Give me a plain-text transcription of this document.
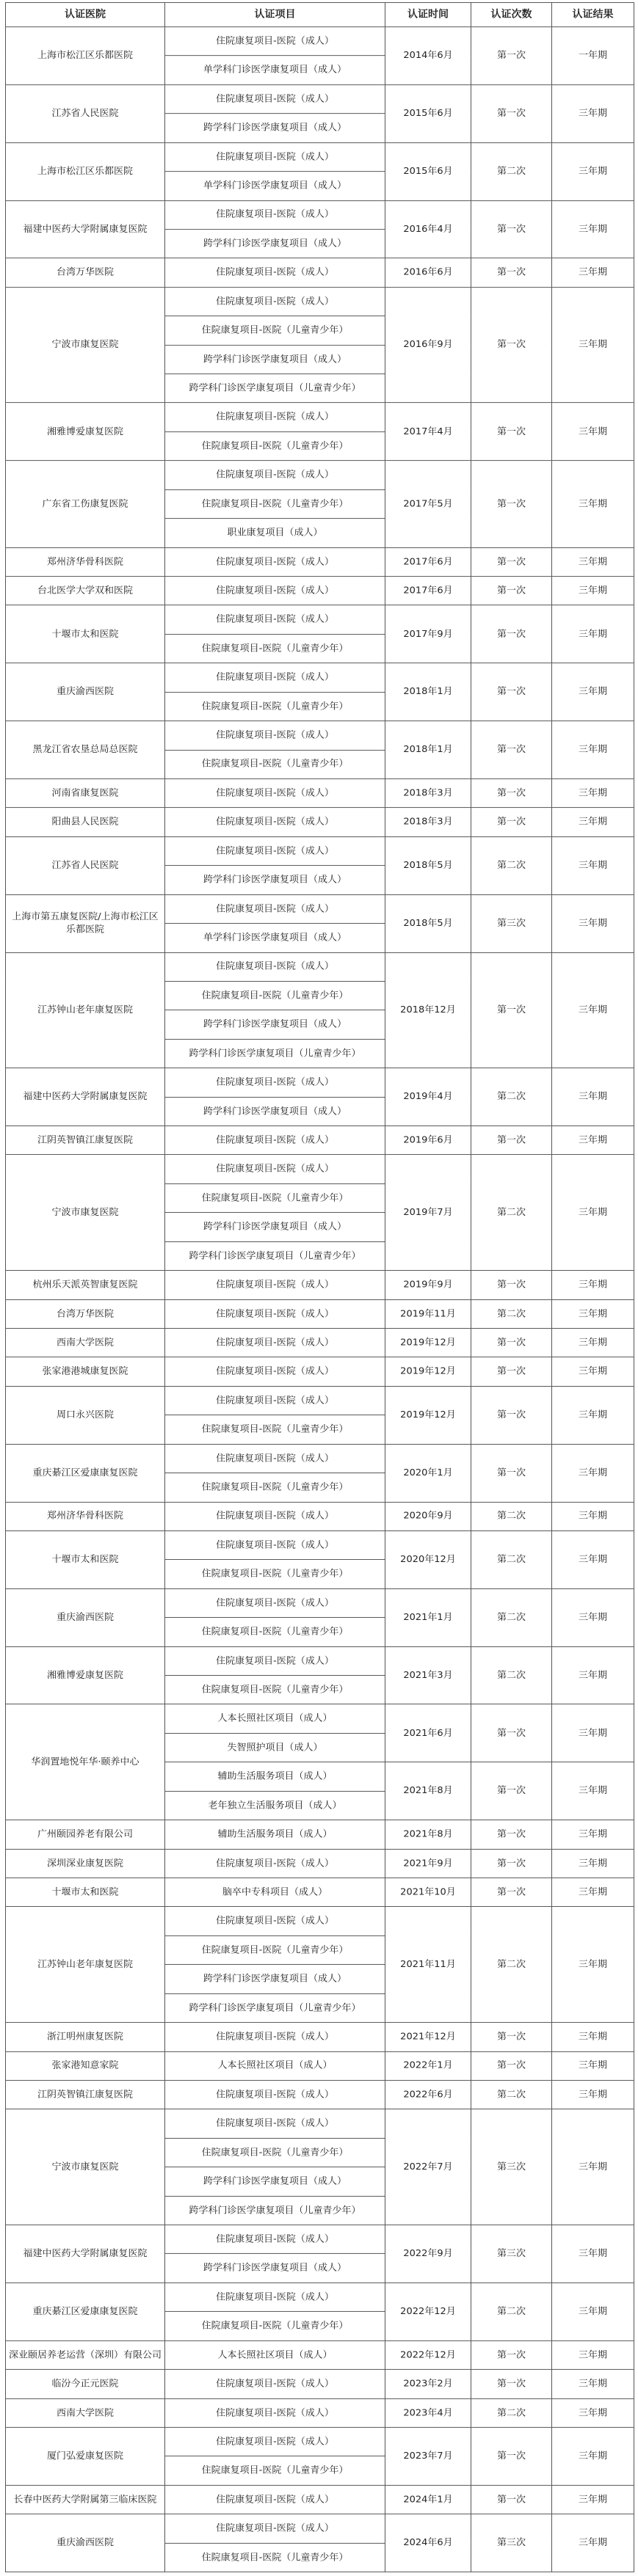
认证医院	认证项目	认证时间	认证次数	认证结果
上海市松江区乐都医院	住院康复项目-医院（成人）	2014年6月	第一次	一年期
	单学科门诊医学康复项目（成人）			
江苏省人民医院	住院康复项目-医院（成人）	2015年6月	第一次	三年期
	跨学科门诊医学康复项目（成人）			
上海市松江区乐都医院	住院康复项目-医院（成人）	2015年6月	第二次	三年期
	单学科门诊医学康复项目（成人）			
福建中医药大学附属康复医院	住院康复项目-医院（成人）	2016年4月	第一次	三年期
	跨学科门诊医学康复项目（成人）			
台湾万华医院	住院康复项目-医院（成人）	2016年6月	第一次	三年期
宁波市康复医院	住院康复项目-医院（成人）	2016年9月	第一次	三年期
	住院康复项目-医院（儿童青少年）			
	跨学科门诊医学康复项目（成人）			
	跨学科门诊医学康复项目（儿童青少年）			
湘雅博爱康复医院	住院康复项目-医院（成人）	2017年4月	第一次	三年期
	住院康复项目-医院（儿童青少年）			
广东省工伤康复医院	住院康复项目-医院（成人）	2017年5月	第一次	三年期
	住院康复项目-医院（儿童青少年）			
	职业康复项目（成人）			
郑州济华骨科医院	住院康复项目-医院（成人）	2017年6月	第一次	三年期
台北医学大学双和医院	住院康复项目-医院（成人）	2017年6月	第一次	三年期
十堰市太和医院	住院康复项目-医院（成人）	2017年9月	第一次	三年期
	住院康复项目-医院（儿童青少年）			
重庆渝西医院	住院康复项目-医院（成人）	2018年1月	第一次	三年期
	住院康复项目-医院（儿童青少年）			
黑龙江省农垦总局总医院	住院康复项目-医院（成人）	2018年1月	第一次	三年期
	住院康复项目-医院（儿童青少年）			
河南省康复医院	住院康复项目-医院（成人）	2018年3月	第一次	三年期
阳曲县人民医院	住院康复项目-医院（成人）	2018年3月	第一次	三年期
江苏省人民医院	住院康复项目-医院（成人）	2018年5月	第二次	三年期
	跨学科门诊医学康复项目（成人）			
上海市第五康复医院/上海市松江区乐都医院	住院康复项目-医院（成人）	2018年5月	第三次	三年期
	单学科门诊医学康复项目（成人）			
江苏钟山老年康复医院	住院康复项目-医院（成人）	2018年12月	第一次	三年期
	住院康复项目-医院（儿童青少年）			
	跨学科门诊医学康复项目（成人）			
	跨学科门诊医学康复项目（儿童青少年）			
福建中医药大学附属康复医院	住院康复项目-医院（成人）	2019年4月	第二次	三年期
	跨学科门诊医学康复项目（成人）			
江阴英智镇江康复医院	住院康复项目-医院（成人）	2019年6月	第一次	三年期
宁波市康复医院	住院康复项目-医院（成人）	2019年7月	第二次	三年期
	住院康复项目-医院（儿童青少年）			
	跨学科门诊医学康复项目（成人）			
	跨学科门诊医学康复项目（儿童青少年）			
杭州乐天派英智康复医院	住院康复项目-医院（成人）	2019年9月	第一次	三年期
台湾万华医院	住院康复项目-医院（成人）	2019年11月	第二次	三年期
西南大学医院	住院康复项目-医院（成人）	2019年12月	第一次	三年期
张家港港城康复医院	住院康复项目-医院（成人）	2019年12月	第一次	三年期
周口永兴医院	住院康复项目-医院（成人）	2019年12月	第一次	三年期
	住院康复项目-医院（儿童青少年）			
重庆綦江区爱康康复医院	住院康复项目-医院（成人）	2020年1月	第一次	三年期
	住院康复项目-医院（儿童青少年）			
郑州济华骨科医院	住院康复项目-医院（成人）	2020年9月	第二次	三年期
十堰市太和医院	住院康复项目-医院（成人）	2020年12月	第二次	三年期
	住院康复项目-医院（儿童青少年）			
重庆渝西医院	住院康复项目-医院（成人）	2021年1月	第二次	三年期
	住院康复项目-医院（儿童青少年）			
湘雅博爱康复医院	住院康复项目-医院（成人）	2021年3月	第二次	三年期
	住院康复项目-医院（儿童青少年）			
华润置地悦年华·颐养中心	人本长照社区项目（成人）	2021年6月	第一次	三年期
	失智照护项目（成人）			
	辅助生活服务项目（成人）	2021年8月	第一次	三年期
	老年独立生活服务项目（成人）			
广州颐园养老有限公司	辅助生活服务项目（成人）	2021年8月	第一次	三年期
深圳深业康复医院	住院康复项目-医院（成人）	2021年9月	第一次	三年期
十堰市太和医院	脑卒中专科项目（成人）	2021年10月	第一次	三年期
江苏钟山老年康复医院	住院康复项目-医院（成人）	2021年11月	第二次	三年期
	住院康复项目-医院（儿童青少年）			
	跨学科门诊医学康复项目（成人）			
	跨学科门诊医学康复项目（儿童青少年）			
浙江明州康复医院	住院康复项目-医院（成人）	2021年12月	第一次	三年期
张家港知意家院	人本长照社区项目（成人）	2022年1月	第一次	三年期
江阴英智镇江康复医院	住院康复项目-医院（成人）	2022年6月	第二次	三年期
宁波市康复医院	住院康复项目-医院（成人）	2022年7月	第三次	三年期
	住院康复项目-医院（儿童青少年）			
	跨学科门诊医学康复项目（成人）			
	跨学科门诊医学康复项目（儿童青少年）			
福建中医药大学附属康复医院	住院康复项目-医院（成人）	2022年9月	第三次	三年期
	跨学科门诊医学康复项目（成人）			
重庆綦江区爱康康复医院	住院康复项目-医院（成人）	2022年12月	第二次	三年期
	住院康复项目-医院（儿童青少年）			
深业颐居养老运营（深圳）有限公司	人本长照社区项目（成人）	2022年12月	第一次	三年期
临汾今正元医院	住院康复项目-医院（成人）	2023年2月	第一次	三年期
西南大学医院	住院康复项目-医院（成人）	2023年4月	第二次	三年期
厦门弘爱康复医院	住院康复项目-医院（成人）	2023年7月	第一次	三年期
	住院康复项目-医院（儿童青少年）			
长春中医药大学附属第三临床医院	住院康复项目-医院（成人）	2024年1月	第一次	三年期
重庆渝西医院	住院康复项目-医院（成人）	2024年6月	第三次	三年期
	住院康复项目-医院（儿童青少年）			
